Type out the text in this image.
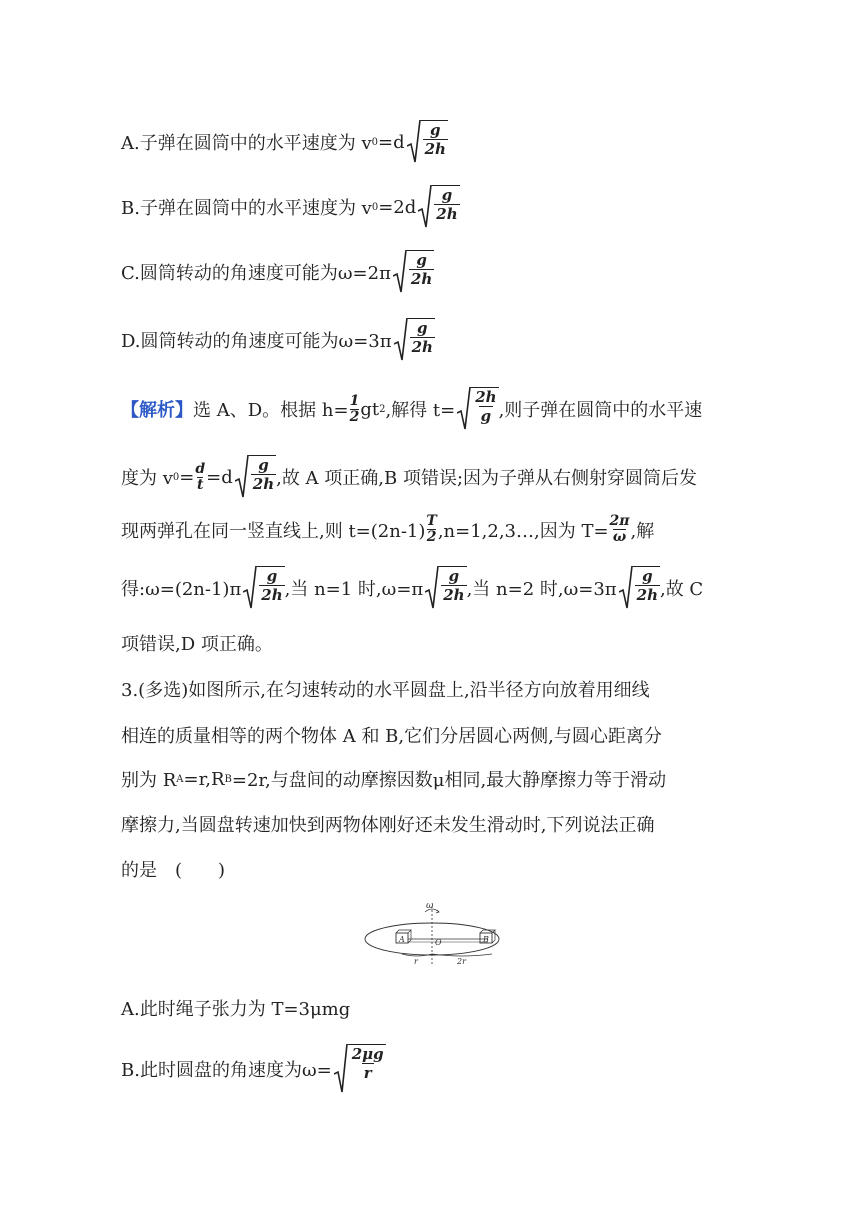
A.子弹在圆筒中的水平速度为 v $0 =d \frac{g}{2h}$
B.子弹在圆筒中的水平速度为 v $0 =2d \frac{g}{2h}$
C.圆筒转动的角速度可能为$\omega=2\pi \frac{g}{2h}$
D.圆筒转动的角速度可能为$\omega=3\pi \frac{g}{2h}$
【解析】 选 A、D。根据 $h= \frac{1}{2}$ gt 2 ,解得 $t= \frac{2h}{g}$ ,则子弹在圆筒中的水平速
度为 v $0 = \frac{d}{t} =d \frac{g}{2h}$ ,故 A 项正确,B 项错误;因为子弹从右侧射穿圆筒后发
现两弹孔在同一竖直线上,则 $t=(2n-1) \frac{T}{2}$ ,n=1,2,3…,因为 $T= \frac{2\pi}{\omega}$ ,解
得:ω=(2n-1)π $\frac{g}{2h}$ ,当 n=1 时$,\omega=\pi \frac{g}{2h}$ ,当 n=2 时$,\omega=3\pi \frac{g}{2h}$ ,故 C
项错误,D 项正确。
3.(多选)如图所示,在匀速转动的水平圆盘上,沿半径方向放着用细线
相连的质量相等的两个物体 A 和 B,它们分居圆心两侧,与圆心距离分
别为 R A =r,R B =2r,与盘间的动摩擦因数μ相同,最大静摩擦力等于滑动
摩擦力,当圆盘转速加快到两物体刚好还未发生滑动时,下列说法正确
的是　(　　)
ω
A	O	B
r	2r
A.此时绳子张力为 T=3μmg
B.此时圆盘的角速度为$\omega= \frac{2\mu g}{r}$
